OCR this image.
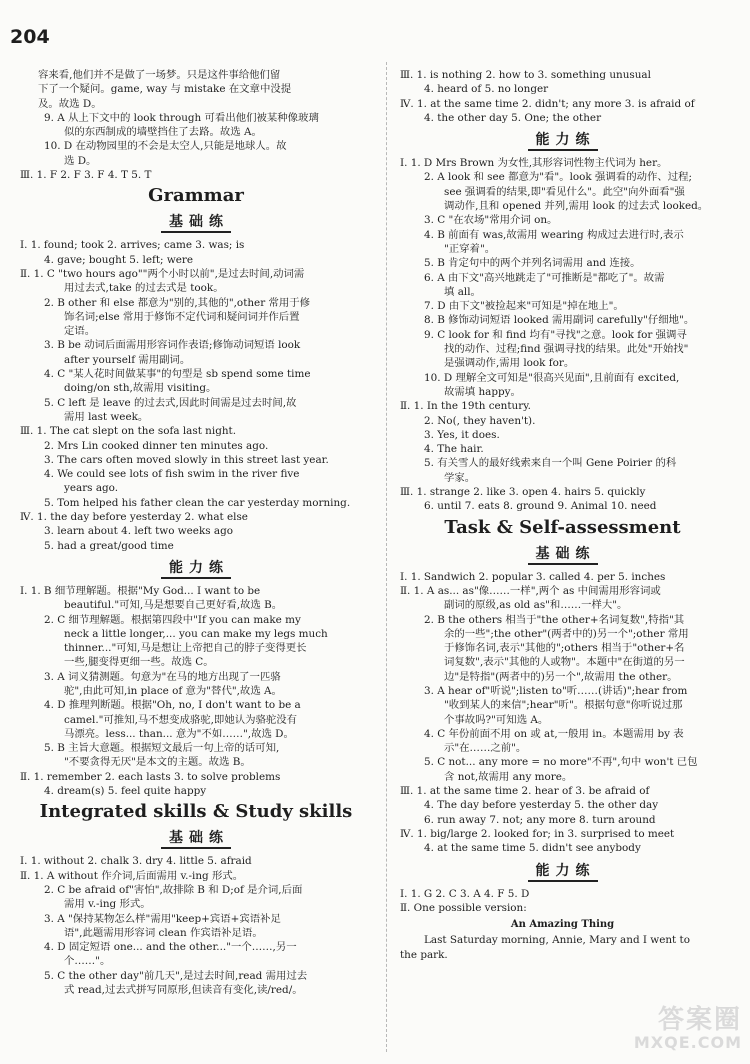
204

容来看,他们并不是做了一场梦。只是这件事给他们留

下了一个疑问。game, way 与 mistake 在文章中没提

及。故选 D。

9. A 从上下文中的 look through 可看出他们被某种像玻璃

似的东西制成的墙壁挡住了去路。故选 A。

10. D 在动物园里的不会是太空人,只能是地球人。故

选 D。

Ⅲ. 1. F 2. F 3. F 4. T 5. T

Grammar
基础练

Ⅰ. 1. found; took 2. arrives; came 3. was; is

4. gave; bought 5. left; were

Ⅱ. 1. C "two hours ago""两个小时以前",是过去时间,动词需

用过去式,take 的过去式是 took。

2. B other 和 else 都意为"别的,其他的",other 常用于修

饰名词;else 常用于修饰不定代词和疑问词并作后置

定语。

3. B be 动词后面需用形容词作表语;修饰动词短语 look

after yourself 需用副词。

4. C "某人花时间做某事"的句型是 sb spend some time

doing/on sth,故需用 visiting。

5. C left 是 leave 的过去式,因此时间需是过去时间,故

需用 last week。

Ⅲ. 1. The cat slept on the sofa last night.

2. Mrs Lin cooked dinner ten minutes ago.

3. The cars often moved slowly in this street last year.

4. We could see lots of fish swim in the river five

years ago.

5. Tom helped his father clean the car yesterday morning.

Ⅳ. 1. the day before yesterday 2. what else

3. learn about 4. left two weeks ago

5. had a great/good time

能力练

Ⅰ. 1. B 细节理解题。根据"My God... I want to be

beautiful."可知,马是想要自己更好看,故选 B。

2. C 细节理解题。根据第四段中"If you can make my

neck a little longer,... you can make my legs much

thinner..."可知,马是想让上帝把自己的脖子变得更长

一些,腿变得更细一些。故选 C。

3. A 词义猜测题。句意为"在马的地方出现了一匹骆

驼",由此可知,in place of 意为"替代",故选 A。

4. D 推理判断题。根据"Oh, no, I don't want to be a

camel."可推知,马不想变成骆驼,即她认为骆驼没有

马漂亮。less... than... 意为"不如……",故选 D。

5. B 主旨大意题。根据短文最后一句上帝的话可知,

"不要贪得无厌"是本文的主题。故选 B。

Ⅱ. 1. remember 2. each lasts 3. to solve problems

4. dream(s) 5. feel quite happy

Integrated skills & Study skills
基础练

Ⅰ. 1. without 2. chalk 3. dry 4. little 5. afraid

Ⅱ. 1. A without 作介词,后面需用 v.-ing 形式。

2. C be afraid of"害怕",故排除 B 和 D;of 是介词,后面

需用 v.-ing 形式。

3. A "保持某物怎么样"需用"keep+宾语+宾语补足

语",此题需用形容词 clean 作宾语补足语。

4. D 固定短语 one... and the other..."一个……,另一

个……"。

5. C the other day"前几天",是过去时间,read 需用过去

式 read,过去式拼写同原形,但读音有变化,读/red/。

Ⅲ. 1. is nothing 2. how to 3. something unusual

4. heard of 5. no longer

Ⅳ. 1. at the same time 2. didn't; any more 3. is afraid of

4. the other day 5. One; the other

能力练

Ⅰ. 1. D Mrs Brown 为女性,其形容词性物主代词为 her。

2. A look 和 see 都意为"看"。look 强调看的动作、过程;

see 强调看的结果,即"看见什么"。此空"向外面看"强

调动作,且和 opened 并列,需用 look 的过去式 looked。

3. C "在农场"常用介词 on。

4. B 前面有 was,故需用 wearing 构成过去进行时,表示

"正穿着"。

5. B 肯定句中的两个并列名词需用 and 连接。

6. A 由下文"高兴地跳走了"可推断是"都吃了"。故需

填 all。

7. D 由下文"被捡起来"可知是"掉在地上"。

8. B 修饰动词短语 looked 需用副词 carefully"仔细地"。

9. C look for 和 find 均有"寻找"之意。look for 强调寻

找的动作、过程;find 强调寻找的结果。此处"开始找"

是强调动作,需用 look for。

10. D 理解全文可知是"很高兴见面",且前面有 excited,

故需填 happy。

Ⅱ. 1. In the 19th century.

2. No(, they haven't).

3. Yes, it does.

4. The hair.

5. 有关雪人的最好线索来自一个叫 Gene Poirier 的科

学家。

Ⅲ. 1. strange 2. like 3. open 4. hairs 5. quickly

6. until 7. eats 8. ground 9. Animal 10. need

Task & Self-assessment
基础练

Ⅰ. 1. Sandwich 2. popular 3. called 4. per 5. inches

Ⅱ. 1. A as... as"像……一样",两个 as 中间需用形容词或

副词的原级,as old as"和……一样大"。

2. B the others 相当于"the other+名词复数",特指"其

余的一些";the other"(两者中的)另一个";other 常用

于修饰名词,表示"其他的";others 相当于"other+名

词复数",表示"其他的人或物"。本题中"在街道的另一

边"是特指"(两者中的)另一个",故需用 the other。

3. A hear of"听说";listen to"听……(讲话)";hear from

"收到某人的来信";hear"听"。根据句意"你听说过那

个事故吗?"可知选 A。

4. C 年份前面不用 on 或 at,一般用 in。本题需用 by 表

示"在……之前"。

5. C not... any more = no more"不再",句中 won't 已包

含 not,故需用 any more。

Ⅲ. 1. at the same time 2. hear of 3. be afraid of

4. The day before yesterday 5. the other day

6. run away 7. not; any more 8. turn around

Ⅳ. 1. big/large 2. looked for; in 3. surprised to meet

4. at the same time 5. didn't see anybody

能力练

Ⅰ. 1. G 2. C 3. A 4. F 5. D

Ⅱ. One possible version:

An Amazing Thing

Last Saturday morning, Annie, Mary and I went to

the park.

答案圈
MXQE.COM
